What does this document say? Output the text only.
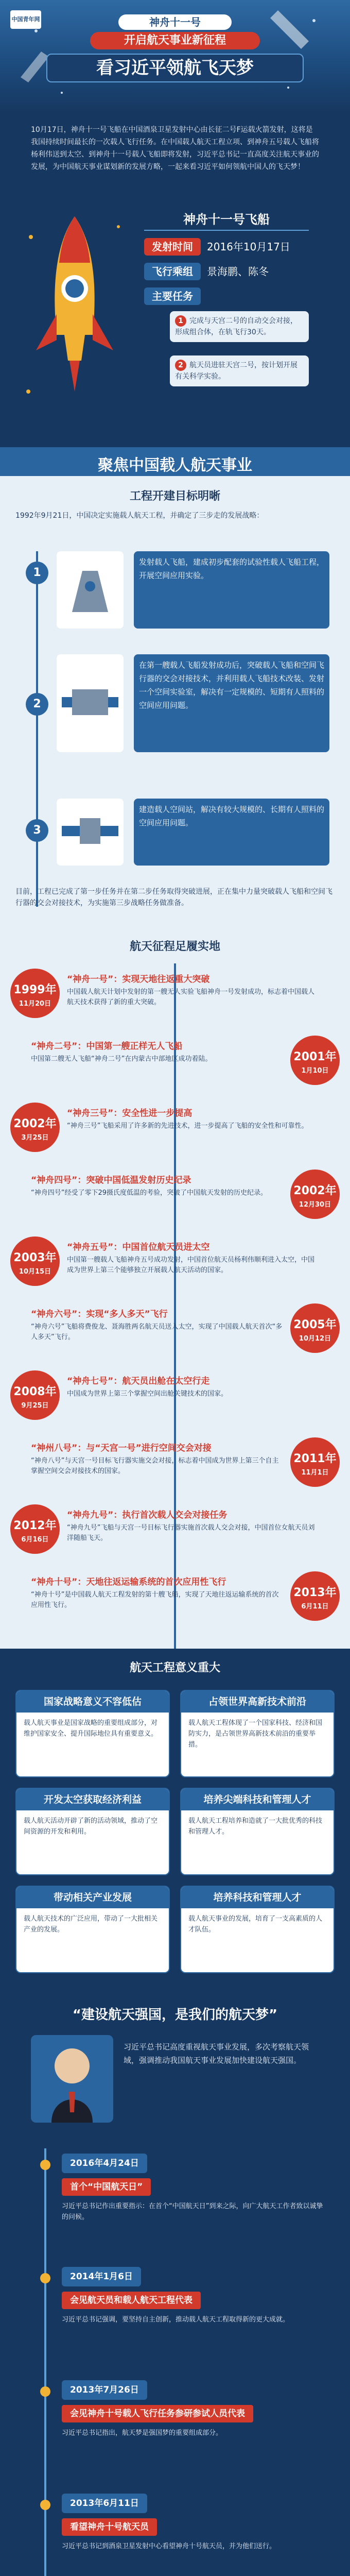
中国青年网	神舟十一号
开启航天事业新征程
看习近平领航飞天梦
10月17日，神舟十一号飞船在中国酒泉卫星发射中心由长征二号F运载火箭发射，这将是我国持续时间最长的一次载人飞行任务。在中国载人航天工程立项、到神舟五号载人飞船将杨利伟送到太空、到神舟十一号载人飞船即将发射，习近平总书记一直高度关注航天事业的发展，为中国航天事业谋划新的发展方略，一起来看习近平如何领航中国人的飞天梦！
神舟十一号飞船
发射时间	2016年10月17日
飞行乘组	景海鹏、陈冬
主要任务
1 完成与天宫二号的自动交会对接，形成组合体，在轨飞行30天。
2 航天员进驻天宫二号，按计划开展有关科学实验。
聚焦中国载人航天事业
工程开建目标明晰
1992年9月21日，中国决定实施载人航天工程，并确定了三步走的发展战略：
1
发射载人飞船，建成初步配套的试验性载人飞船工程，开展空间应用实验。
2
在第一艘载人飞船发射成功后，突破载人飞船和空间飞行器的交会对接技术，并利用载人飞船技术改装、发射一个空间实验室，解决有一定规模的、短期有人照料的空间应用问题。
3
建造载人空间站，解决有较大规模的、长期有人照料的空间应用问题。
目前，工程已完成了第一步任务并在第二步任务取得突破进展，正在集中力量突破载人飞船和空间飞行器的交会对接技术，为实施第三步战略任务做准备。
航天征程足履实地
1999年
11月20日
“神舟一号”：实现天地往返重大突破
中国载人航天计划中发射的第一艘无人实验飞船神舟一号发射成功，标志着中国载人航天技术获得了新的重大突破。
2001年
1月10日
“神舟二号”：中国第一艘正样无人飞船
中国第二艘无人飞船“神舟二号”在内蒙古中部地区成功着陆。
2002年
3月25日
“神舟三号”：安全性进一步提高
“神舟三号”飞船采用了许多新的先进技术，进一步提高了飞船的安全性和可靠性。
2002年
12月30日
“神舟四号”：突破中国低温发射历史纪录
“神舟四号”经受了零下29摄氏度低温的考验，突破了中国航天发射的历史纪录。
2003年
10月15日
“神舟五号”：中国首位航天员进太空
中国第一艘载人飞船神舟五号成功发射，中国首位航天员杨利伟顺利进入太空，中国成为世界上第三个能够独立开展载人航天活动的国家。
2005年
10月12日
“神舟六号”：实现“多人多天”飞行
“神舟六号”飞船将费俊龙、聂海胜两名航天员送入太空，实现了中国载人航天首次“多人多天”飞行。
2008年
9月25日
“神舟七号”：航天员出舱在太空行走
中国成为世界上第三个掌握空间出舱关键技术的国家。
2011年
11月1日
“神州八号”：与“天宫一号”进行空间交会对接
“神舟八号”与天宫一号目标飞行器实施交会对接，标志着中国成为世界上第三个自主掌握空间交会对接技术的国家。
2012年
6月16日
“神舟九号”：执行首次载人交会对接任务
“神舟九号”飞船与天宫一号目标飞行器实施首次载人交会对接，中国首位女航天员刘洋随船飞天。
2013年
6月11日
“神舟十号”：天地往返运输系统的首次应用性飞行
“神舟十号”是中国载人航天工程发射的第十艘飞船，实现了天地往返运输系统的首次应用性飞行。
航天工程意义重大
国家战略意义不容低估
载人航天事业是国家战略的重要组成部分，对维护国家安全、提升国际地位具有重要意义。
占领世界高新技术前沿
载人航天工程体现了一个国家科技、经济和国防实力，是占领世界高新技术前沿的重要举措。
开发太空获取经济利益
载人航天活动开辟了新的活动领域，推动了空间资源的开发和利用。
培养尖端科技和管理人才
载人航天工程培养和造就了一大批优秀的科技和管理人才。
带动相关产业发展
载人航天技术的广泛应用，带动了一大批相关产业的发展。
培养科技和管理人才
载人航天事业的发展，培育了一支高素质的人才队伍。
“建设航天强国，是我们的航天梦”
习近平总书记高度重视航天事业发展，多次考察航天领域，强调推动我国航天事业发展加快建设航天强国。
2016年4月24日
首个“中国航天日”
习近平总书记作出重要指示：在首个“中国航天日”到来之际，向广大航天工作者致以诚挚的问候。
2014年1月6日
会见航天员和载人航天工程代表
习近平总书记强调，要坚持自主创新，推动载人航天工程取得新的更大成就。
2013年7月26日
会见神舟十号载人飞行任务参研参试人员代表
习近平总书记指出，航天梦是强国梦的重要组成部分。
2013年6月11日
看望神舟十号航天员
习近平总书记到酒泉卫星发射中心看望神舟十号航天员，并为他们送行。
